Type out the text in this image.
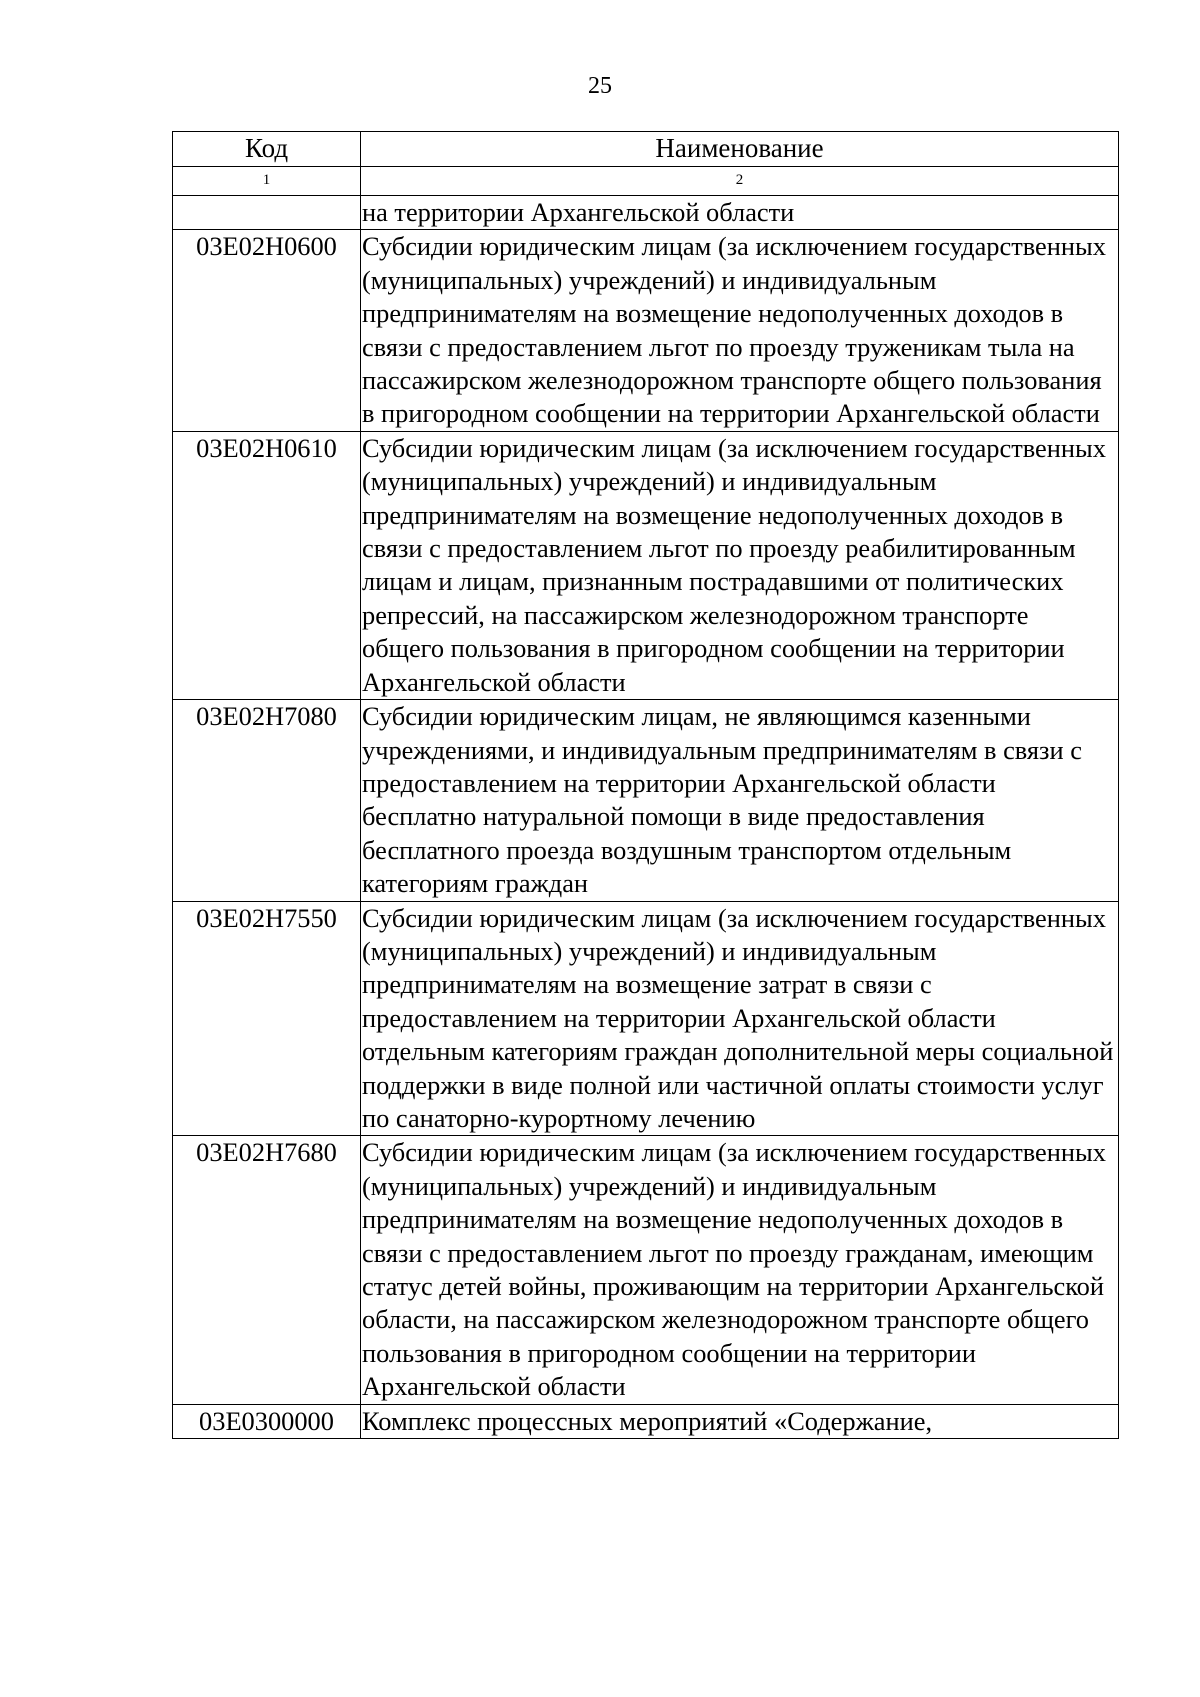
25
Код	Наименование
1	2
	на территории Архангельской области
03Е02Н0600	Субсидии юридическим лицам (за исключением государственных (муниципальных) учреждений) и индивидуальным предпринимателям на возмещение недополученных доходов в связи с предоставлением льгот по проезду труженикам тыла на пассажирском железнодорожном транспорте общего пользования в пригородном сообщении на территории Архангельской области
03Е02Н0610	Субсидии юридическим лицам (за исключением государственных (муниципальных) учреждений) и индивидуальным предпринимателям на возмещение недополученных доходов в связи с предоставлением льгот по проезду реабилитированным лицам и лицам, признанным пострадавшими от политических репрессий, на пассажирском железнодорожном транспорте общего пользования в пригородном сообщении на территории Архангельской области
03Е02Н7080	Субсидии юридическим лицам, не являющимся казенными учреждениями, и индивидуальным предпринимателям в связи с предоставлением на территории Архангельской области бесплатно натуральной помощи в виде предоставления бесплатного проезда воздушным транспортом отдельным категориям граждан
03Е02Н7550	Субсидии юридическим лицам (за исключением государственных (муниципальных) учреждений) и индивидуальным предпринимателям на возмещение затрат в связи с предоставлением на территории Архангельской области отдельным категориям граждан дополнительной меры социальной поддержки в виде полной или частичной оплаты стоимости услуг по санаторно-курортному лечению
03Е02Н7680	Субсидии юридическим лицам (за исключением государственных (муниципальных) учреждений) и индивидуальным предпринимателям на возмещение недополученных доходов в связи с предоставлением льгот по проезду гражданам, имеющим статус детей войны, проживающим на территории Архангельской области, на пассажирском железнодорожном транспорте общего пользования в пригородном сообщении на территории Архангельской области
03Е0300000	Комплекс процессных мероприятий «Содержание,
